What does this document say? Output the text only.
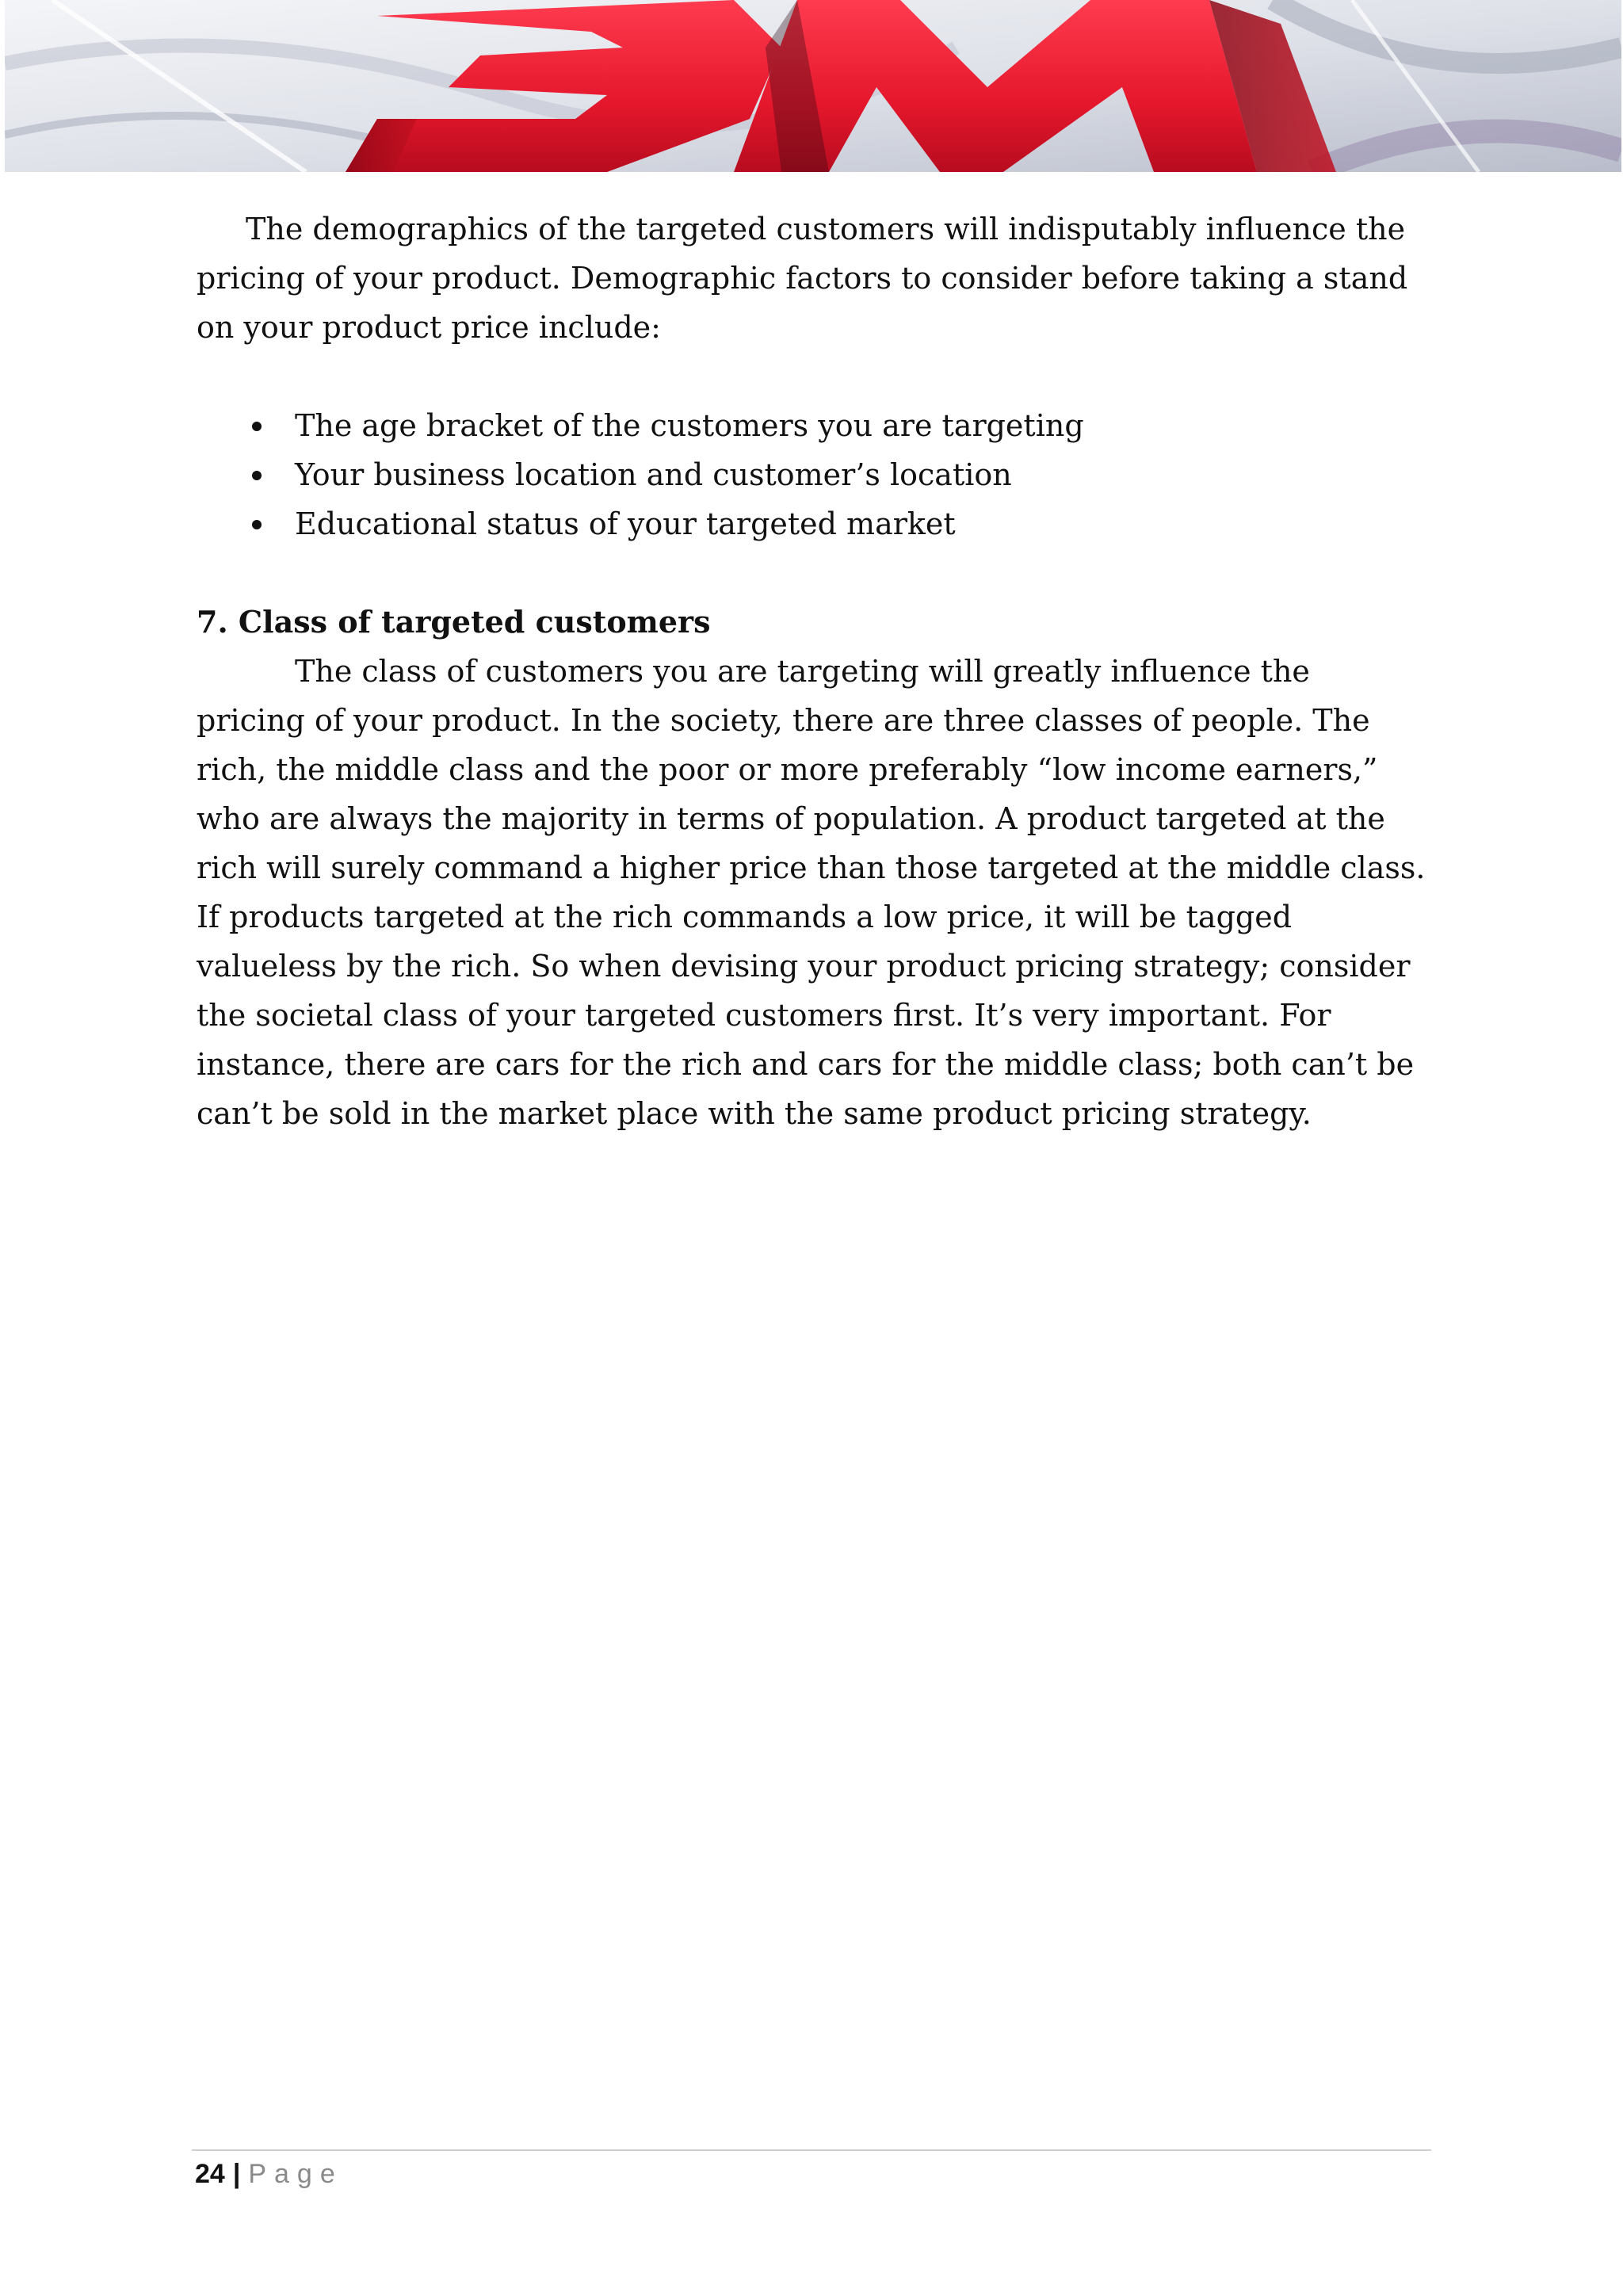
The demographics of the targeted customers will indisputably influence the pricing of your product. Demographic factors to consider before taking a stand on your product price include:

The age bracket of the customers you are targeting
Your business location and customer’s location
Educational status of your targeted market

7. Class of targeted customers

The class of customers you are targeting will greatly influence the pricing of your product. In the society, there are three classes of people. The rich, the middle class and the poor or more preferably “low income earners,” who are always the majority in terms of population. A product targeted at the rich will surely command a higher price than those targeted at the middle class. If products targeted at the rich commands a low price, it will be tagged valueless by the rich. So when devising your product pricing strategy; consider the societal class of your targeted customers first. It’s very important. For instance, there are cars for the rich and cars for the middle class; both can’t be can’t be sold in the market place with the same product pricing strategy.

24 | Page
